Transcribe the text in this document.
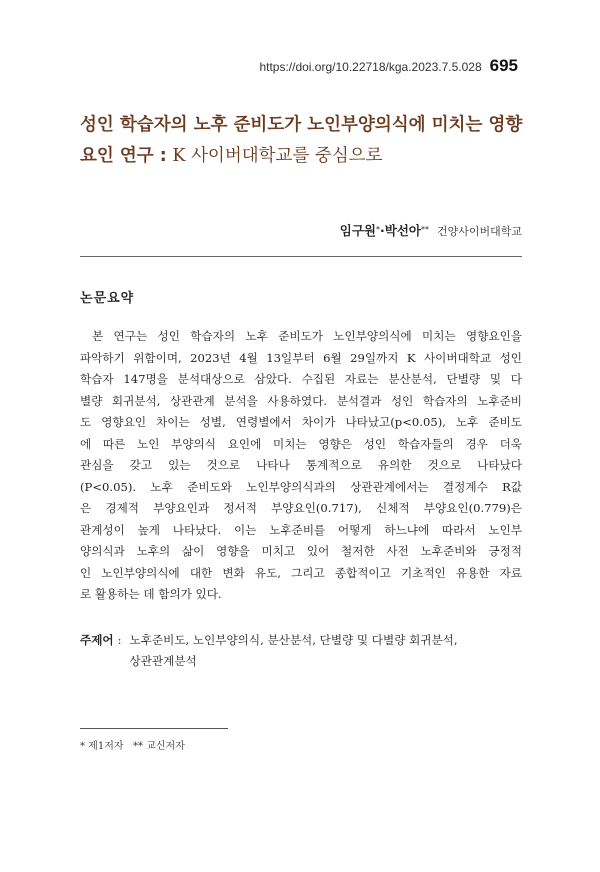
https://doi.org/10.22718/kga.2023.7.5.028 695
성인 학습자의 노후 준비도가 노인부양의식에 미치는 영향
요인 연구 : K 사이버대학교를 중심으로
임구원*·박선아** 건양사이버대학교
논문요약
본 연구는 성인 학습자의 노후 준비도가 노인부양의식에 미치는 영향요인을
파악하기 위함이며, 2023년 4월 13일부터 6월 29일까지 K 사이버대학교 성인
학습자 147명을 분석대상으로 삼았다. 수집된 자료는 분산분석, 단별량 및 다
별량 회귀분석, 상관관계 분석을 사용하였다. 분석결과 성인 학습자의 노후준비
도 영향요인 차이는 성별, 연령별에서 차이가 나타났고(p<0.05), 노후 준비도
에 따른 노인 부양의식 요인에 미치는 영향은 성인 학습자들의 경우 더욱
관심을 갖고 있는 것으로 나타나 통계적으로 유의한 것으로 나타났다
(P<0.05). 노후 준비도와 노인부양의식과의 상관관계에서는 결정계수 R값
은 경제적 부양요인과 정서적 부양요인(0.717), 신체적 부양요인(0.779)은
관계성이 높게 나타났다. 이는 노후준비를 어떻게 하느냐에 따라서 노인부
양의식과 노후의 삶이 영향을 미치고 있어 철저한 사전 노후준비와 긍정적
인 노인부양의식에 대한 변화 유도, 그리고 종합적이고 기초적인 유용한 자료
로 활용하는 데 함의가 있다.
주제어 : 노후준비도, 노인부양의식, 분산분석, 단별량 및 다별량 회귀분석,
상관관계분석
* 제1저자   ** 교신저자
